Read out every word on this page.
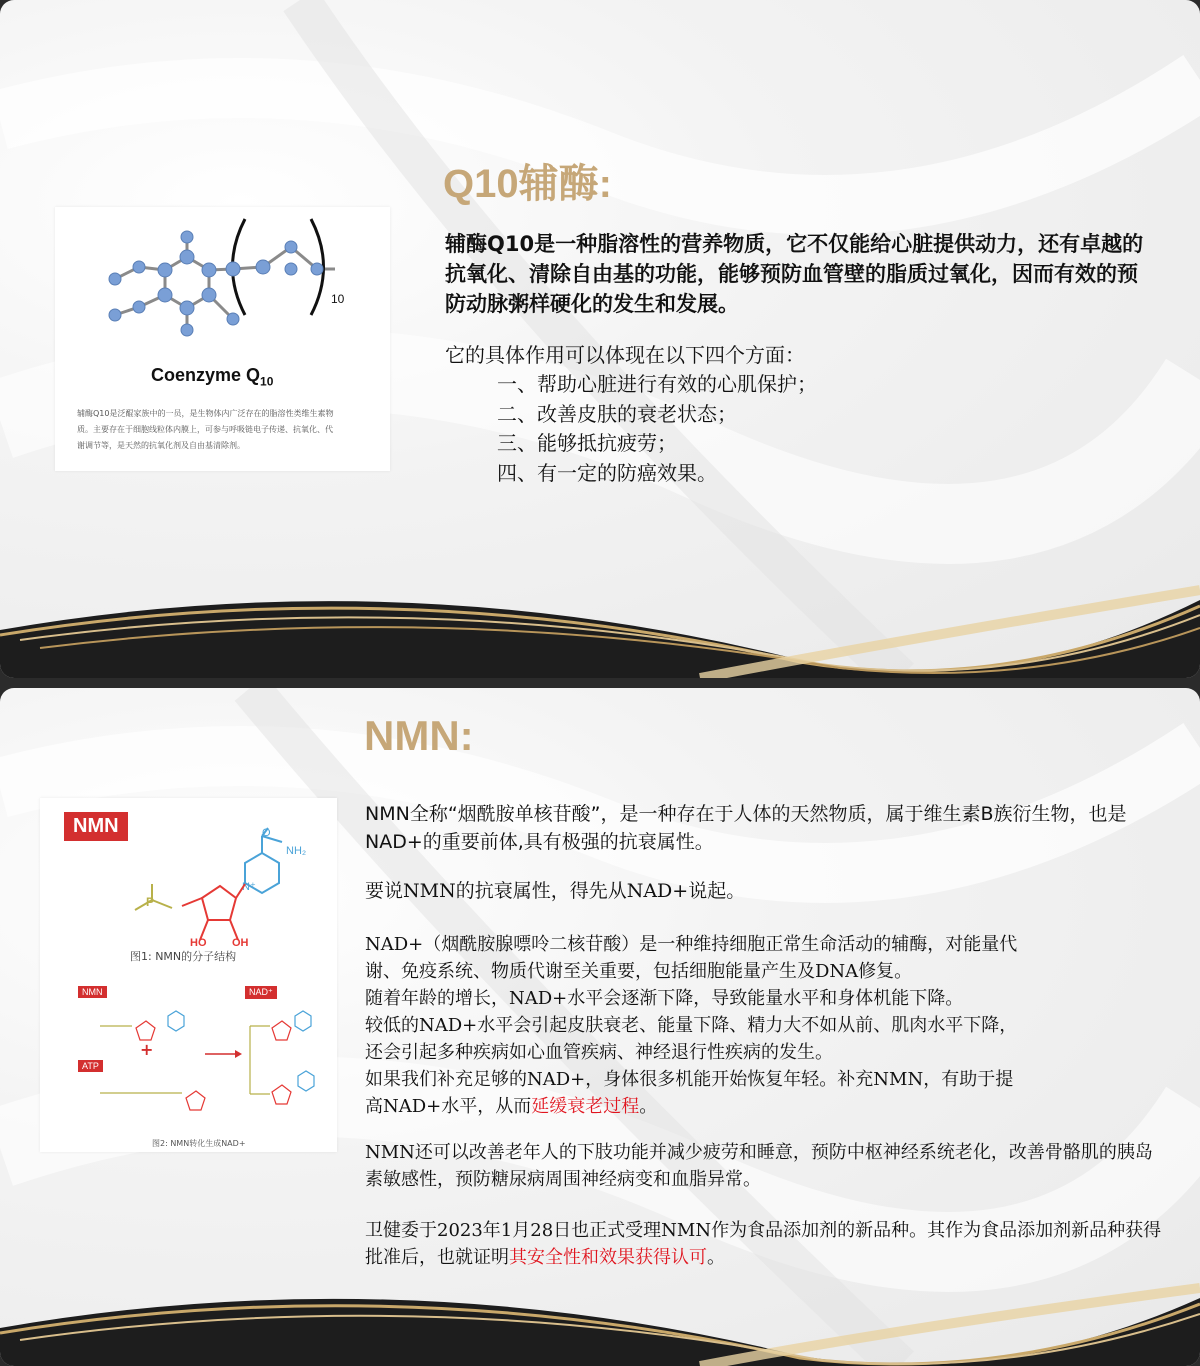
Q10辅酶:
10
Coenzyme $Q_{10}$
辅酶Q10是泛醌家族中的一员，是生物体内广泛存在的脂溶性类维生素物
质。主要存在于细胞线粒体内膜上，可参与呼吸链电子传递、抗氧化、代
谢调节等，是天然的抗氧化剂及自由基清除剂。
辅酶Q10是一种脂溶性的营养物质，它不仅能给心脏提供动力，还有卓越的抗氧化、清除自由基的功能，能够预防血管壁的脂质过氧化，因而有效的预防动脉粥样硬化的发生和发展。
它的具体作用可以体现在以下四个方面：
一、帮助心脏进行有效的心肌保护；
二、改善皮肤的衰老状态；
三、能够抵抗疲劳；
四、有一定的防癌效果。
NMN:
NMN	O
NH₂
N⁺
HO OH
P
图1: NMN的分子结构
NMN	NAD⁺
ATP
+
图2: NMN转化生成NAD+
NMN全称“烟酰胺单核苷酸”，是一种存在于人体的天然物质，属于维生素B族衍生物，也是NAD+的重要前体,具有极强的抗衰属性。
要说NMN的抗衰属性，得先从NAD+说起。
NAD+（烟酰胺腺嘌呤二核苷酸）是一种维持细胞正常生命活动的辅酶，对能量代
谢、免疫系统、物质代谢至关重要，包括细胞能量产生及DNA修复。
随着年龄的增长，NAD+水平会逐渐下降，导致能量水平和身体机能下降。
较低的NAD+水平会引起皮肤衰老、能量下降、精力大不如从前、肌肉水平下降，
还会引起多种疾病如心血管疾病、神经退行性疾病的发生。
如果我们补充足够的NAD+，身体很多机能开始恢复年轻。补充NMN，有助于提
高NAD+水平，从而延缓衰老过程。
NMN还可以改善老年人的下肢功能并减少疲劳和睡意，预防中枢神经系统老化，改善骨骼肌的胰岛素敏感性，预防糖尿病周围神经病变和血脂异常。
卫健委于2023年1月28日也正式受理NMN作为食品添加剂的新品种。其作为食品添加剂新品种获得批准后，也就证明其安全性和效果获得认可。
